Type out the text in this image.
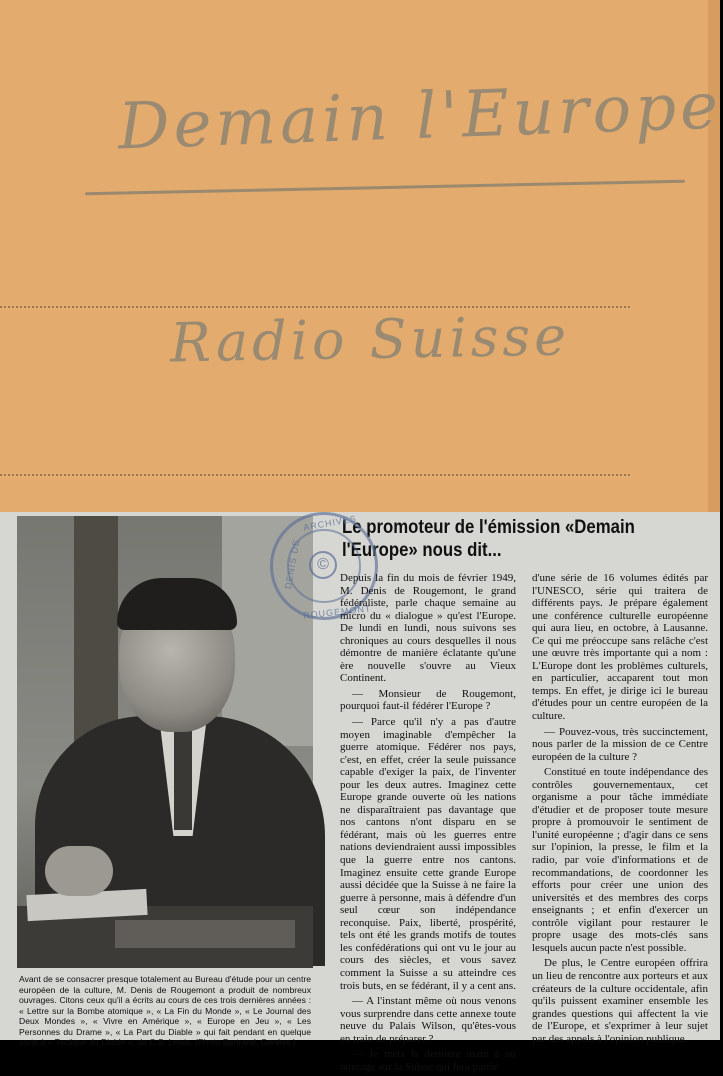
Demain l'Europe
Radio Suisse
Avant de se consacrer presque totalement au Bureau d'étude pour un centre européen de la culture, M. Denis de Rougemont a produit de nombreux ouvrages. Citons ceux qu'il a écrits au cours de ces trois dernières années : « Lettre sur la Bombe atomique », « La Fin du Monde », « Le Journal des Deux Mondes », « Vivre en Amérique », « Europe en Jeu », « Les Personnes du Drame », « La Part du Diable » qui fait pendant en quelque sorte à « Tactique du Diable », de C.S. Lewis. (Photo Bertrand, Genève.)
Le promoteur de l'émission «Demain l'Europe» nous dit...
©
ARCHIVES
DENIS DE
ROUGEMONT

Depuis la fin du mois de février 1949, M. Denis de Rougemont, le grand fédéraliste, parle chaque semaine au micro du « dialogue » qu'est l'Europe. De lundi en lundi, nous suivons ses chroniques au cours desquelles il nous démontre de manière éclatante qu'une ère nouvelle s'ouvre au Vieux Continent.

— Monsieur de Rougemont, pourquoi faut-il fédérer l'Europe ?

— Parce qu'il n'y a pas d'autre moyen imaginable d'empêcher la guerre atomique. Fédérer nos pays, c'est, en effet, créer la seule puissance capable d'exiger la paix, de l'inventer pour les deux autres. Imaginez cette Europe grande ouverte où les nations ne disparaîtraient pas davantage que nos cantons n'ont disparu en se fédérant, mais où les guerres entre nations deviendraient aussi impossibles que la guerre entre nos cantons. Imaginez ensuite cette grande Europe aussi décidée que la Suisse à ne faire la guerre à personne, mais à défendre d'un seul cœur son indépendance reconquise. Paix, liberté, prospérité, tels ont été les grands motifs de toutes les confédérations qui ont vu le jour au cours des siècles, et vous savez comment la Suisse a su atteindre ces trois buts, en se fédérant, il y a cent ans.

— A l'instant même où nous venons vous surprendre dans cette annexe toute neuve du Palais Wilson, qu'êtes-vous en train de préparer ?

— Je mets la dernière main à un ouvrage sur la Suisse qui fera partie

d'une série de 16 volumes édités par l'UNESCO, série qui traitera de différents pays. Je prépare également une conférence culturelle européenne qui aura lieu, en octobre, à Lausanne. Ce qui me préoccupe sans relâche c'est une œuvre très importante qui a nom : L'Europe dont les problèmes culturels, en particulier, accaparent tout mon temps. En effet, je dirige ici le bureau d'études pour un centre européen de la culture.

— Pouvez-vous, très succinctement, nous parler de la mission de ce Centre européen de la culture ?

Constitué en toute indépendance des contrôles gouvernementaux, cet organisme a pour tâche immédiate d'étudier et de proposer toute mesure propre à promouvoir le sentiment de l'unité européenne ; d'agir dans ce sens sur l'opinion, la presse, le film et la radio, par voie d'informations et de recommandations, de coordonner les efforts pour créer une union des universités et des membres des corps enseignants ; et enfin d'exercer un contrôle vigilant pour restaurer le propre usage des mots-clés sans lesquels aucun pacte n'est possible.

De plus, le Centre européen offrira un lieu de rencontre aux porteurs et aux créateurs de la culture occidentale, afin qu'ils puissent examiner ensemble les grandes questions qui affectent la vie de l'Europe, et s'exprimer à leur sujet par des appels à l'opinion publique.
